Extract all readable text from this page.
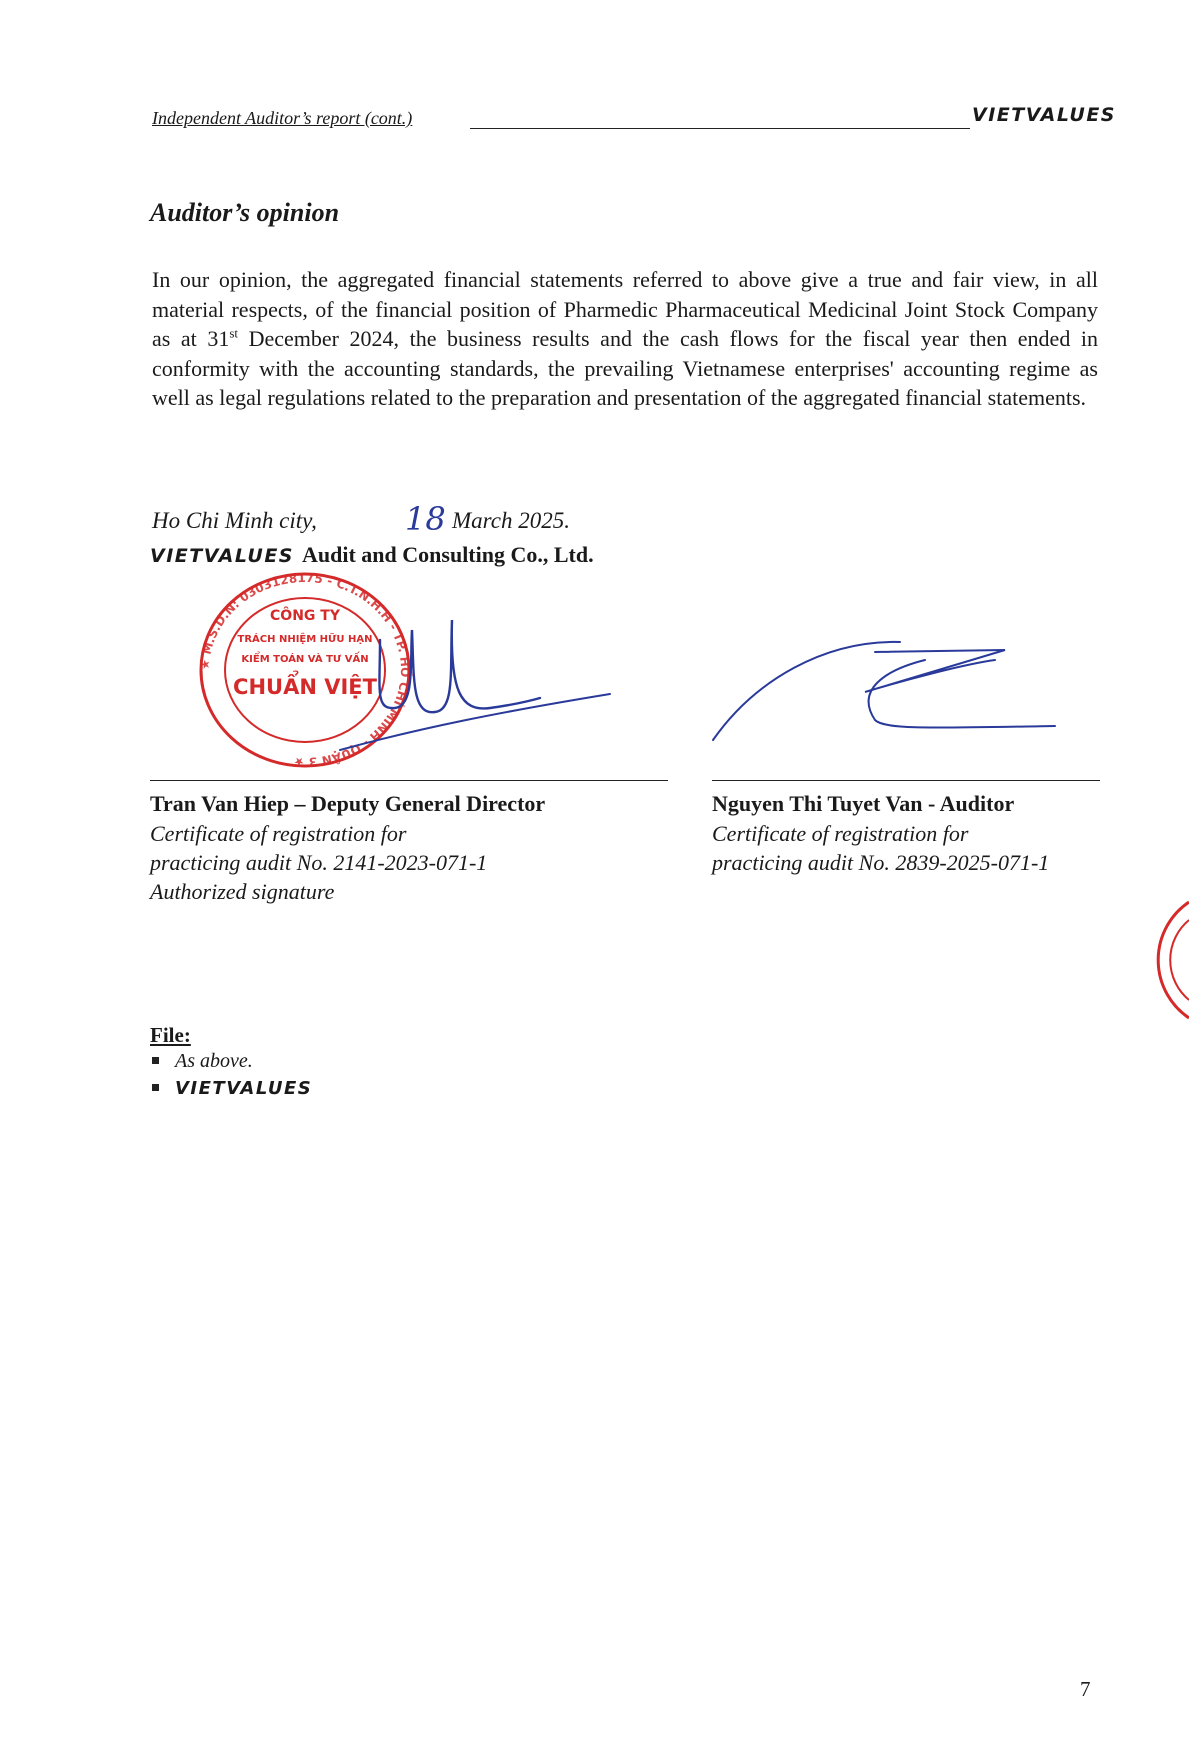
Independent Auditor’s report (cont.)	VIETVALUES
Auditor’s opinion
In our opinion, the aggregated financial statements referred to above give a true and fair view, in all material respects, of the financial position of Pharmedic Pharmaceutical Medicinal Joint Stock Company as at 31st December 2024, the business results and the cash flows for the fiscal year then ended in conformity with the accounting standards, the prevailing Vietnamese enterprises' accounting regime as well as legal regulations related to the preparation and presentation of the aggregated financial statements.
Ho Chi Minh city,	18 March 2025.
VIETVALUES Audit and Consulting Co., Ltd.
★ M.S.D.N: 0303128175 - C.T.N.H.H - TP. HỒ CHÍ MINH - QUẬN 3 ★
CÔNG TY
TRÁCH NHIỆM HỮU HẠN
KIỂM TOÁN VÀ TƯ VẤN
CHUẨN VIỆT
Tran Van Hiep – Deputy General Director
Certificate of registration for
practicing audit No. 2141-2023-071-1
Authorized signature
Nguyen Thi Tuyet Van - Auditor
Certificate of registration for
practicing audit No. 2839-2025-071-1
File:
As above.
VIETVALUES
7
